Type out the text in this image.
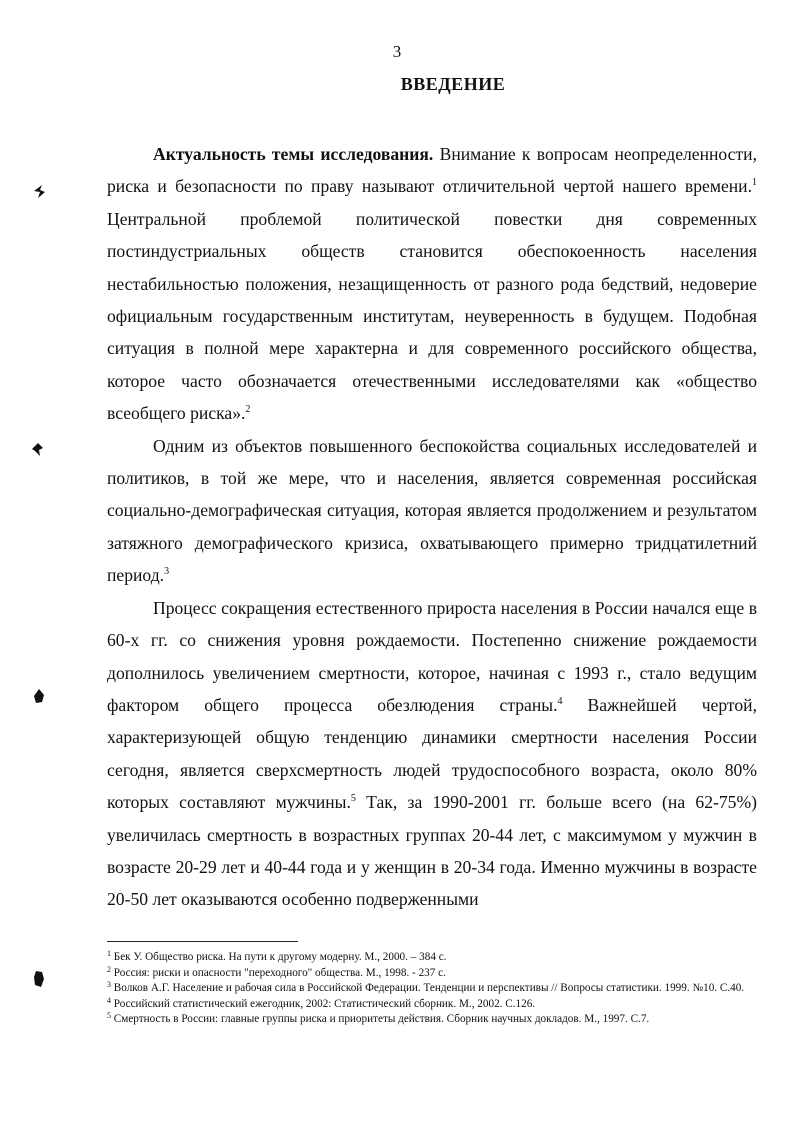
3
ВВЕДЕНИЕ

Актуальность темы исследования. Внимание к вопросам неопределенности, риска и безопасности по праву называют отличительной чертой нашего времени.$^1$ Центральной проблемой политической повестки дня современных постиндустриальных обществ становится обеспокоенность населения нестабильностью положения, незащищенность от разного рода бедствий, недоверие официальным государственным институтам, неуверенность в будущем. Подобная ситуация в полной мере характерна и для современного российского общества, которое часто обозначается отечественными исследователями как «общество всеобщего риска».$^2$

Одним из объектов повышенного беспокойства социальных исследователей и политиков, в той же мере, что и населения, является современная российская социально-демографическая ситуация, которая является продолжением и результатом затяжного демографического кризиса, охватывающего примерно тридцатилетний период.$^3$

Процесс сокращения естественного прироста населения в России начался еще в 60-х гг. со снижения уровня рождаемости. Постепенно снижение рождаемости дополнилось увеличением смертности, которое, начиная с 1993 г., стало ведущим фактором общего процесса обезлюдения страны.$^4$ Важнейшей чертой, характеризующей общую тенденцию динамики смертности населения России сегодня, является сверхсмертность людей трудоспособного возраста, около 80% которых составляют мужчины.$^5$ Так, за 1990-2001 гг. больше всего (на 62-75%) увеличилась смертность в возрастных группах 20-44 лет, с максимумом у мужчин в возрасте 20-29 лет и 40-44 года и у женщин в 20-34 года. Именно мужчины в возрасте 20-50 лет оказываются особенно подверженными

$^1$ Бек У. Общество риска. На пути к другому модерну. М., 2000. – 384 с.

$^2$ Россия: риски и опасности "переходного" общества. М., 1998. - 237 с.

$^3$ Волков А.Г. Население и рабочая сила в Российской Федерации. Тенденции и перспективы // Вопросы статистики. 1999. №10. С.40.

$^4$ Российский статистический ежегодник, 2002: Статистический сборник. М., 2002. С.126.

$^5$ Смертность в России: главные группы риска и приоритеты действия. Сборник научных докладов. М., 1997. С.7.
